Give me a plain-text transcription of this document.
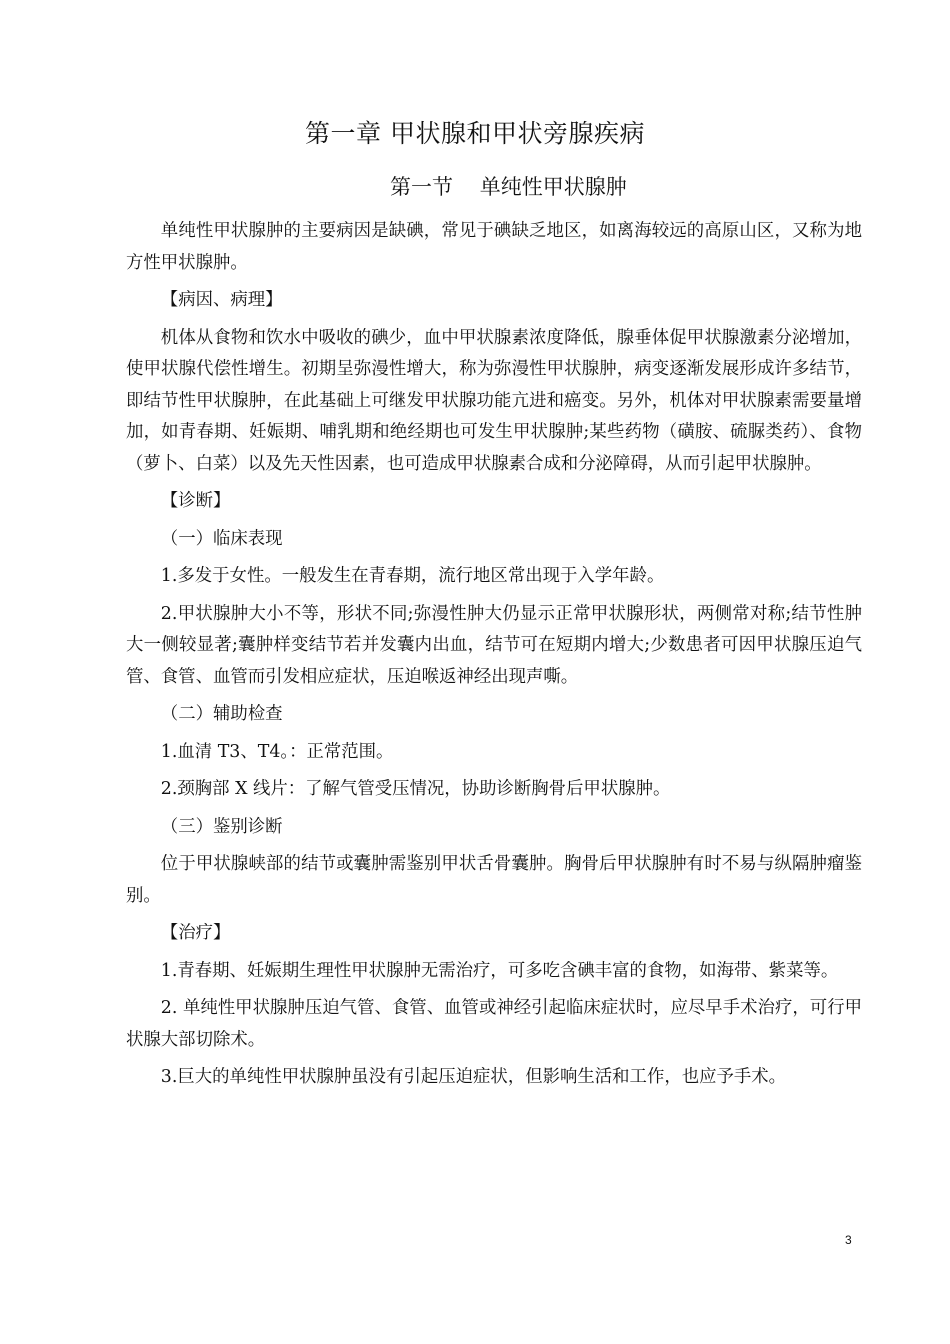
第一章 甲状腺和甲状旁腺疾病
第一节    单纯性甲状腺肿

单纯性甲状腺肿的主要病因是缺碘，常见于碘缺乏地区，如离海较远的高原山区，又称为地方性甲状腺肿。

【病因、病理】

机体从食物和饮水中吸收的碘少，血中甲状腺素浓度降低，腺垂体促甲状腺激素分泌增加，使甲状腺代偿性增生。初期呈弥漫性增大，称为弥漫性甲状腺肿，病变逐渐发展形成许多结节，即结节性甲状腺肿，在此基础上可继发甲状腺功能亢进和癌变。另外，机体对甲状腺素需要量增加，如青春期、妊娠期、哺乳期和绝经期也可发生甲状腺肿;某些药物（磺胺、硫脲类药）、食物（萝卜、白菜）以及先天性因素，也可造成甲状腺素合成和分泌障碍，从而引起甲状腺肿。

【诊断】

（一）临床表现

1.多发于女性。一般发生在青春期，流行地区常出现于入学年龄。

2.甲状腺肿大小不等，形状不同;弥漫性肿大仍显示正常甲状腺形状，两侧常对称;结节性肿大一侧较显著;囊肿样变结节若并发囊内出血，结节可在短期内增大;少数患者可因甲状腺压迫气管、食管、血管而引发相应症状，压迫喉返神经出现声嘶。

（二）辅助检查

1.血清 T3、T4。：正常范围。

2.颈胸部 X 线片：了解气管受压情况，协助诊断胸骨后甲状腺肿。

（三）鉴别诊断

位于甲状腺峡部的结节或囊肿需鉴别甲状舌骨囊肿。胸骨后甲状腺肿有时不易与纵隔肿瘤鉴别。

【治疗】

1.青春期、妊娠期生理性甲状腺肿无需治疗，可多吃含碘丰富的食物，如海带、紫菜等。

2. 单纯性甲状腺肿压迫气管、食管、血管或神经引起临床症状时，应尽早手术治疗，可行甲状腺大部切除术。

3.巨大的单纯性甲状腺肿虽没有引起压迫症状，但影响生活和工作，也应予手术。

3
